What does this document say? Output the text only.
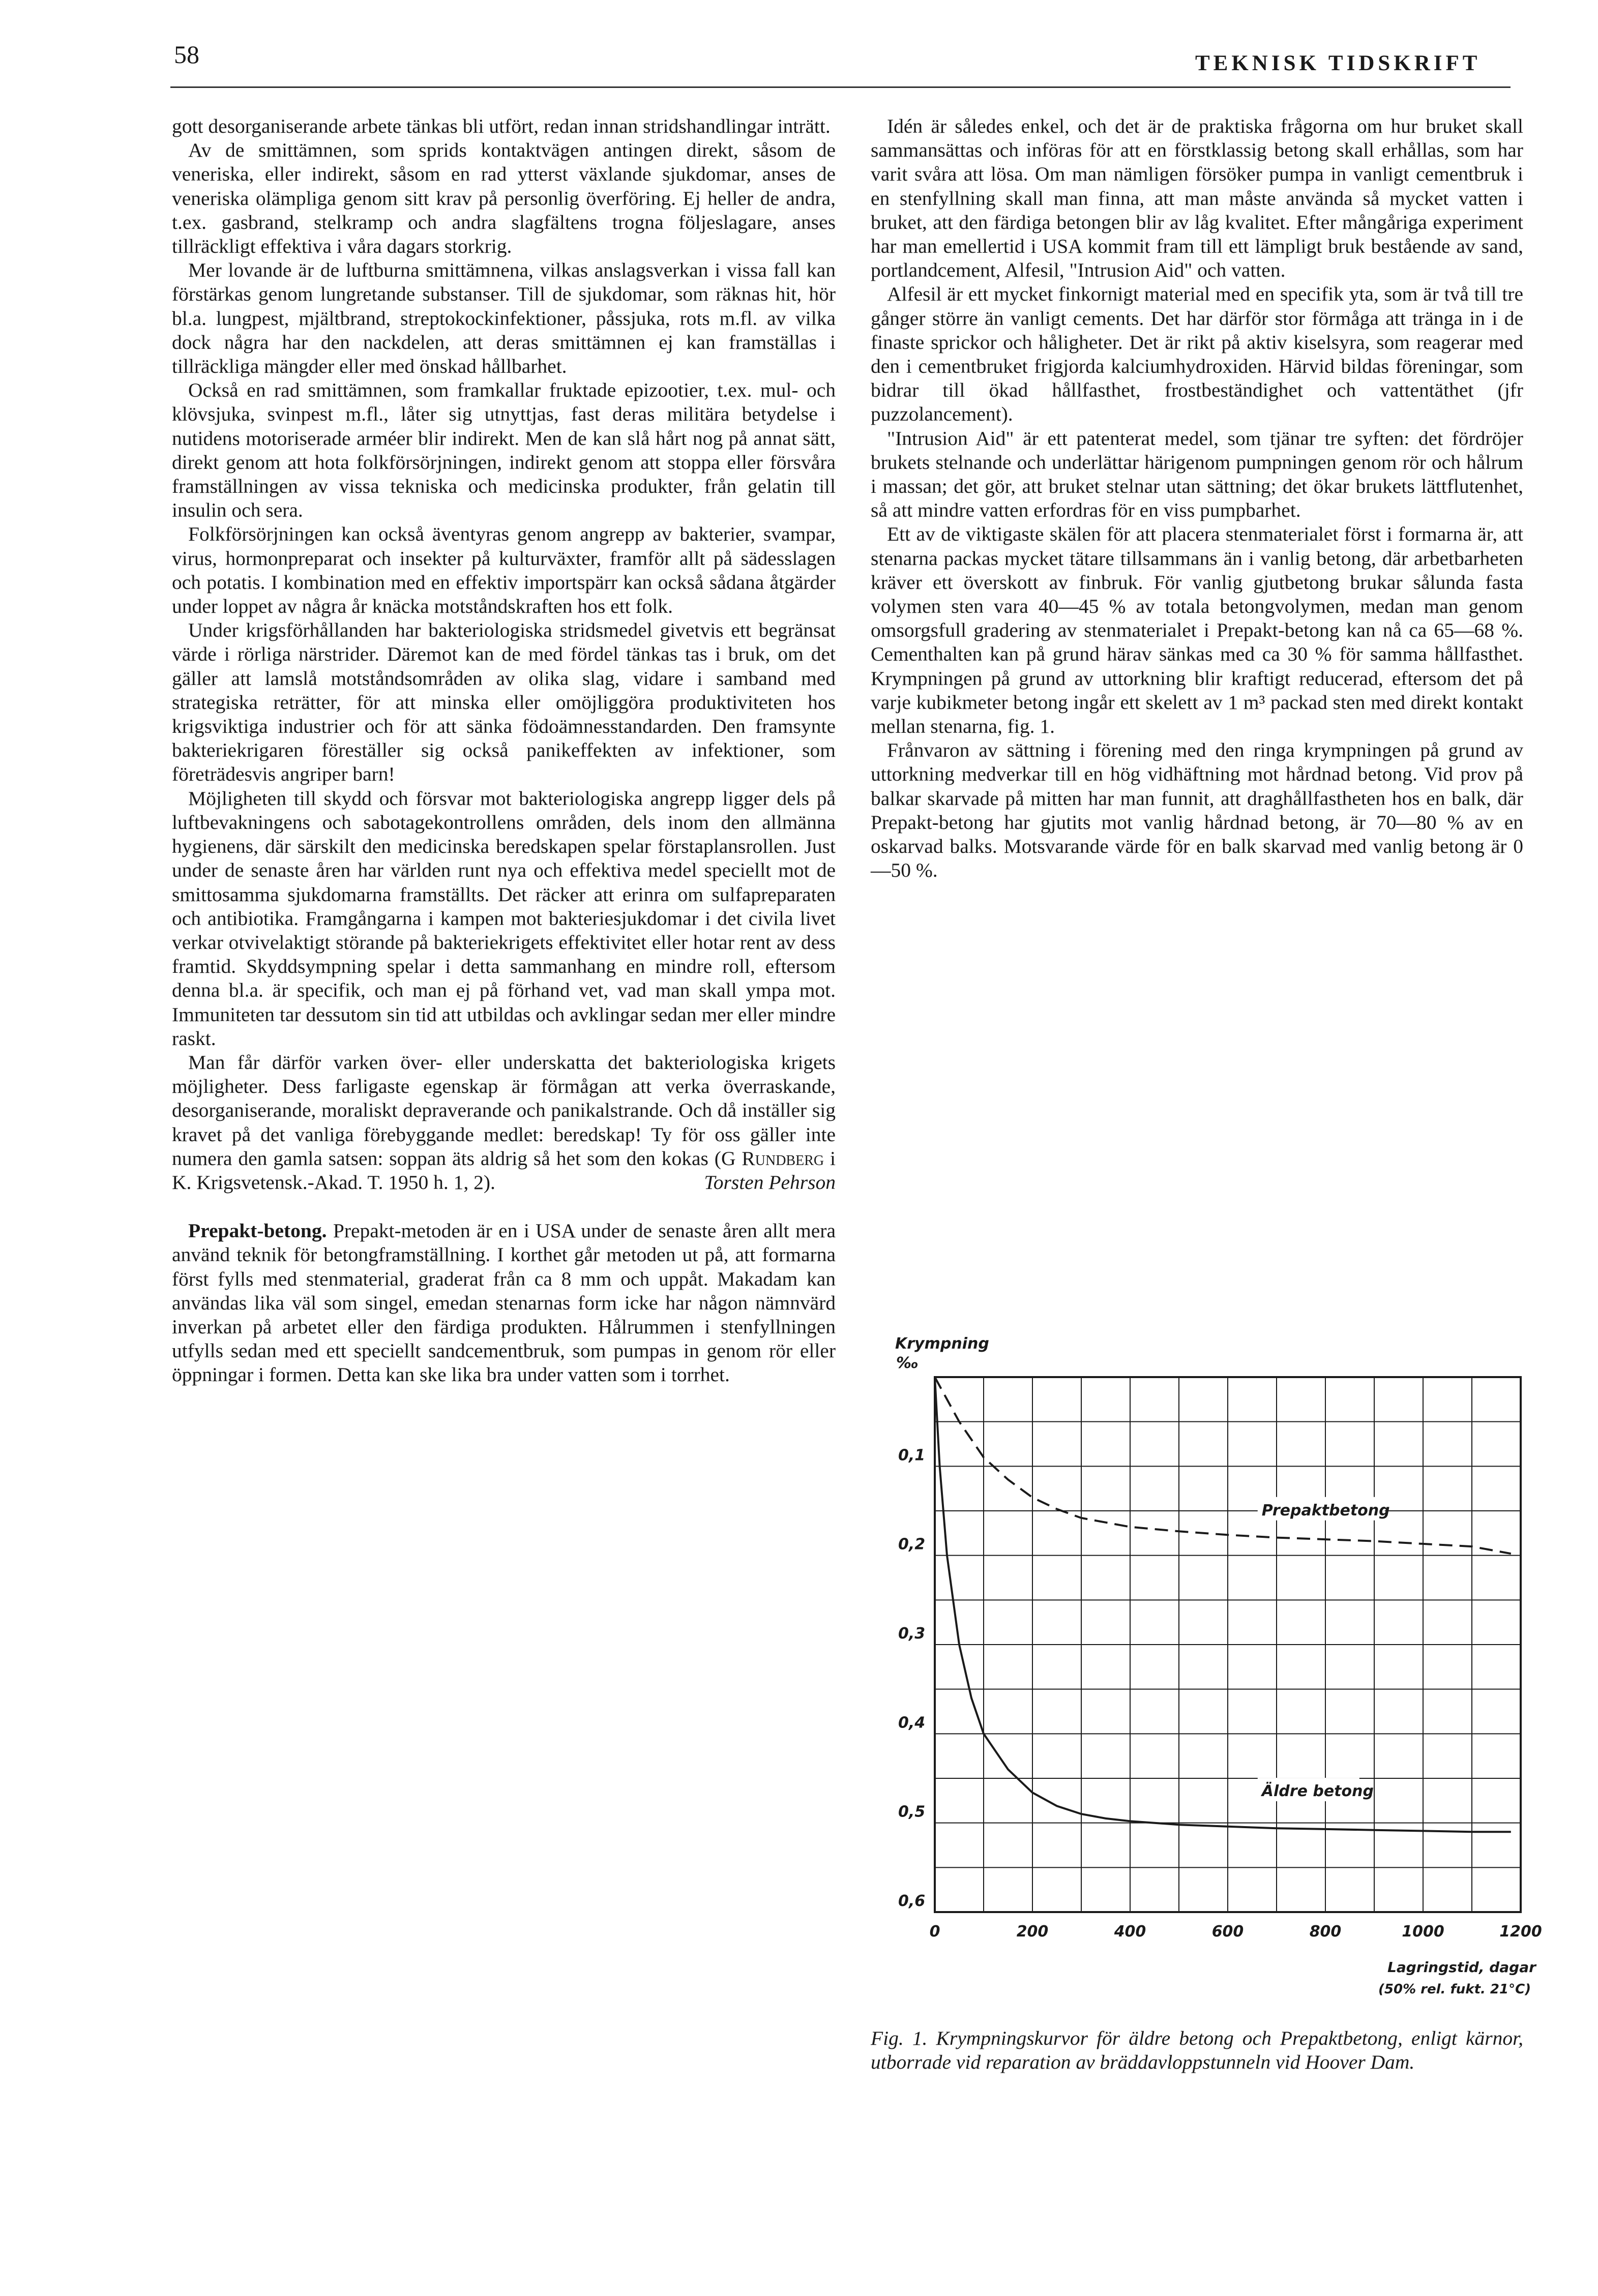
58	TEKNISK TIDSKRIFT

gott desorganiserande arbete tänkas bli utfört, redan innan stridshandlingar inträtt.

Av de smittämnen, som sprids kontaktvägen antingen direkt, såsom de veneriska, eller indirekt, såsom en rad ytterst växlande sjukdomar, anses de veneriska olämpliga genom sitt krav på personlig överföring. Ej heller de andra, t.ex. gasbrand, stelkramp och andra slagfältens trogna följeslagare, anses tillräckligt effektiva i våra dagars storkrig.

Mer lovande är de luftburna smittämnena, vilkas anslagsverkan i vissa fall kan förstärkas genom lungretande substanser. Till de sjukdomar, som räknas hit, hör bl.a. lungpest, mjältbrand, streptokockinfektioner, påssjuka, rots m.fl. av vilka dock några har den nackdelen, att deras smittämnen ej kan framställas i tillräckliga mängder eller med önskad hållbarhet.

Också en rad smittämnen, som framkallar fruktade epizootier, t.ex. mul- och klövsjuka, svinpest m.fl., låter sig utnyttjas, fast deras militära betydelse i nutidens motoriserade arméer blir indirekt. Men de kan slå hårt nog på annat sätt, direkt genom att hota folkförsörjningen, indirekt genom att stoppa eller försvåra framställningen av vissa tekniska och medicinska produkter, från gelatin till insulin och sera.

Folkförsörjningen kan också äventyras genom angrepp av bakterier, svampar, virus, hormonpreparat och insekter på kulturväxter, framför allt på sädesslagen och potatis. I kombination med en effektiv importspärr kan också sådana åtgärder under loppet av några år knäcka motståndskraften hos ett folk.

Under krigsförhållanden har bakteriologiska stridsmedel givetvis ett begränsat värde i rörliga närstrider. Däremot kan de med fördel tänkas tas i bruk, om det gäller att lamslå motståndsområden av olika slag, vidare i samband med strategiska reträtter, för att minska eller omöjliggöra produktiviteten hos krigsviktiga industrier och för att sänka födoämnesstandarden. Den framsynte bakteriekrigaren föreställer sig också panikeffekten av infektioner, som företrädesvis angriper barn!

Möjligheten till skydd och försvar mot bakteriologiska angrepp ligger dels på luftbevakningens och sabotagekontrollens områden, dels inom den allmänna hygienens, där särskilt den medicinska beredskapen spelar förstaplansrollen. Just under de senaste åren har världen runt nya och effektiva medel speciellt mot de smittosamma sjukdomarna framställts. Det räcker att erinra om sulfapreparaten och antibiotika. Framgångarna i kampen mot bakteriesjukdomar i det civila livet verkar otvivelaktigt störande på bakteriekrigets effektivitet eller hotar rent av dess framtid. Skyddsympning spelar i detta sammanhang en mindre roll, eftersom denna bl.a. är specifik, och man ej på förhand vet, vad man skall ympa mot. Immuniteten tar dessutom sin tid att utbildas och avklingar sedan mer eller mindre raskt.

Man får därför varken över- eller underskatta det bakteriologiska krigets möjligheter. Dess farligaste egenskap är förmågan att verka överraskande, desorganiserande, moraliskt depraverande och panikalstrande. Och då inställer sig kravet på det vanliga förebyggande medlet: beredskap! Ty för oss gäller inte numera den gamla satsen: soppan äts aldrig så het som den kokas (G Rundberg i K. Krigsvetensk.-Akad. T. 1950 h. 1, 2).	Torsten Pehrson

Prepakt-betong. Prepakt-metoden är en i USA under de senaste åren allt mera använd teknik för betongframställning. I korthet går metoden ut på, att formarna först fylls med stenmaterial, graderat från ca 8 mm och uppåt. Makadam kan användas lika väl som singel, emedan stenarnas form icke har någon nämnvärd inverkan på arbetet eller den färdiga produkten. Hålrummen i stenfyllningen utfylls sedan med ett speciellt sandcementbruk, som pumpas in genom rör eller öppningar i formen. Detta kan ske lika bra under vatten som i torrhet.

Idén är således enkel, och det är de praktiska frågorna om hur bruket skall sammansättas och införas för att en förstklassig betong skall erhållas, som har varit svåra att lösa. Om man nämligen försöker pumpa in vanligt cementbruk i en stenfyllning skall man finna, att man måste använda så mycket vatten i bruket, att den färdiga betongen blir av låg kvalitet. Efter mångåriga experiment har man emellertid i USA kommit fram till ett lämpligt bruk bestående av sand, portlandcement, Alfesil, "Intrusion Aid" och vatten.

Alfesil är ett mycket finkornigt material med en specifik yta, som är två till tre gånger större än vanligt cements. Det har därför stor förmåga att tränga in i de finaste sprickor och håligheter. Det är rikt på aktiv kiselsyra, som reagerar med den i cementbruket frigjorda kalciumhydroxiden. Härvid bildas föreningar, som bidrar till ökad hållfasthet, frostbeständighet och vattentäthet (jfr puzzolancement).

"Intrusion Aid" är ett patenterat medel, som tjänar tre syften: det fördröjer brukets stelnande och underlättar härigenom pumpningen genom rör och hålrum i massan; det gör, att bruket stelnar utan sättning; det ökar brukets lättflutenhet, så att mindre vatten erfordras för en viss pumpbarhet.

Ett av de viktigaste skälen för att placera stenmaterialet först i formarna är, att stenarna packas mycket tätare tillsammans än i vanlig betong, där arbetbarheten kräver ett överskott av finbruk. För vanlig gjutbetong brukar sålunda fasta volymen sten vara 40—45 % av totala betongvolymen, medan man genom omsorgsfull gradering av stenmaterialet i Prepakt-betong kan nå ca 65—68 %. Cementhalten kan på grund härav sänkas med ca 30 % för samma hållfasthet. Krympningen på grund av uttorkning blir kraftigt reducerad, eftersom det på varje kubikmeter betong ingår ett skelett av 1 m³ packad sten med direkt kontakt mellan stenarna, fig. 1.

Frånvaron av sättning i förening med den ringa krympningen på grund av uttorkning medverkar till en hög vidhäftning mot hårdnad betong. Vid prov på balkar skarvade på mitten har man funnit, att draghållfastheten hos en balk, där Prepakt-betong har gjutits mot vanlig hårdnad betong, är 70—80 % av en oskarvad balks. Motsvarande värde för en balk skarvad med vanlig betong är 0—50 %.

Krympning
‰
Prepaktbetong
Äldre betong
0	200	400	600	800	1000	1200
0,1
0,2
0,3
0,4
0,5
0,6
Lagringstid, dagar
(50% rel. fukt. 21°C)
Fig. 1. Krympningskurvor för äldre betong och Prepaktbetong, enligt kärnor, utborrade vid reparation av bräddavloppstunneln vid Hoover Dam.
